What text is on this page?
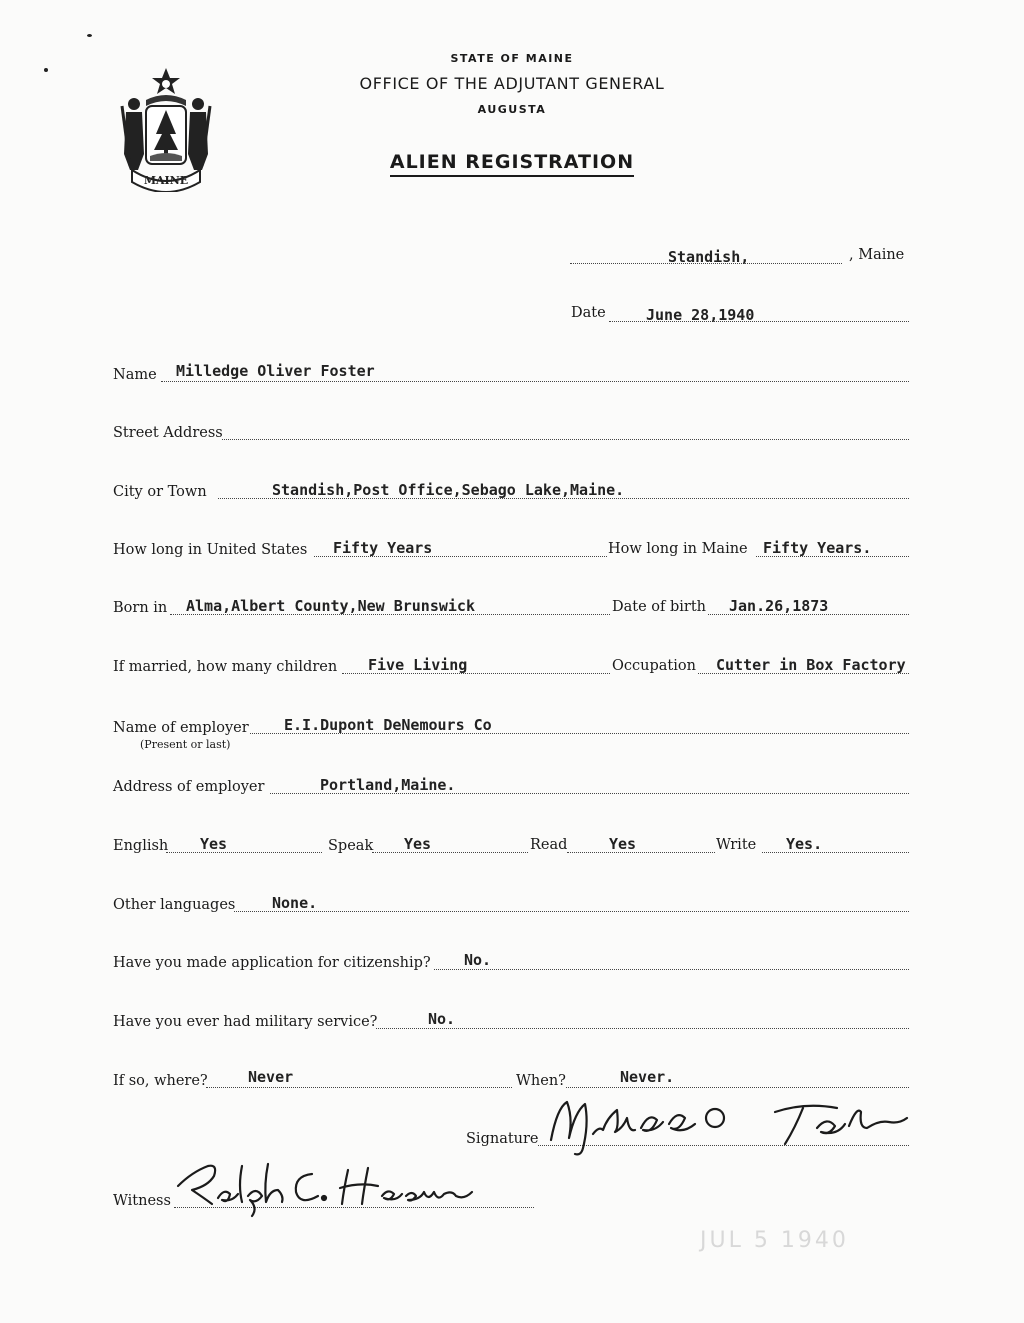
STATE OF MAINE
OFFICE OF THE ADJUTANT GENERAL
AUGUSTA
ALIEN REGISTRATION
MAINE
Standish,	, Maine
Date	June 28,1940
Name Milledge Oliver Foster
Street Address
City or Town	Standish,Post Office,Sebago Lake,Maine.
How long in United States Fifty Years	How long in Maine Fifty Years.
Born in Alma,Albert County,New Brunswick	Date of birth Jan.26,1873
If married, how many children Five Living	Occupation Cutter in Box Factory
Name of employer
(Present or last)
E.I.Dupont DeNemours Co
Address of employer	Portland,Maine.
English Yes	Speak Yes	Read	Yes	Write Yes.
Other languages None.
Have you made application for citizenship? No.
Have you ever had military service?	No.
If so, where?	Never	When?	Never.
Signature
Witness
JUL 5 1940
